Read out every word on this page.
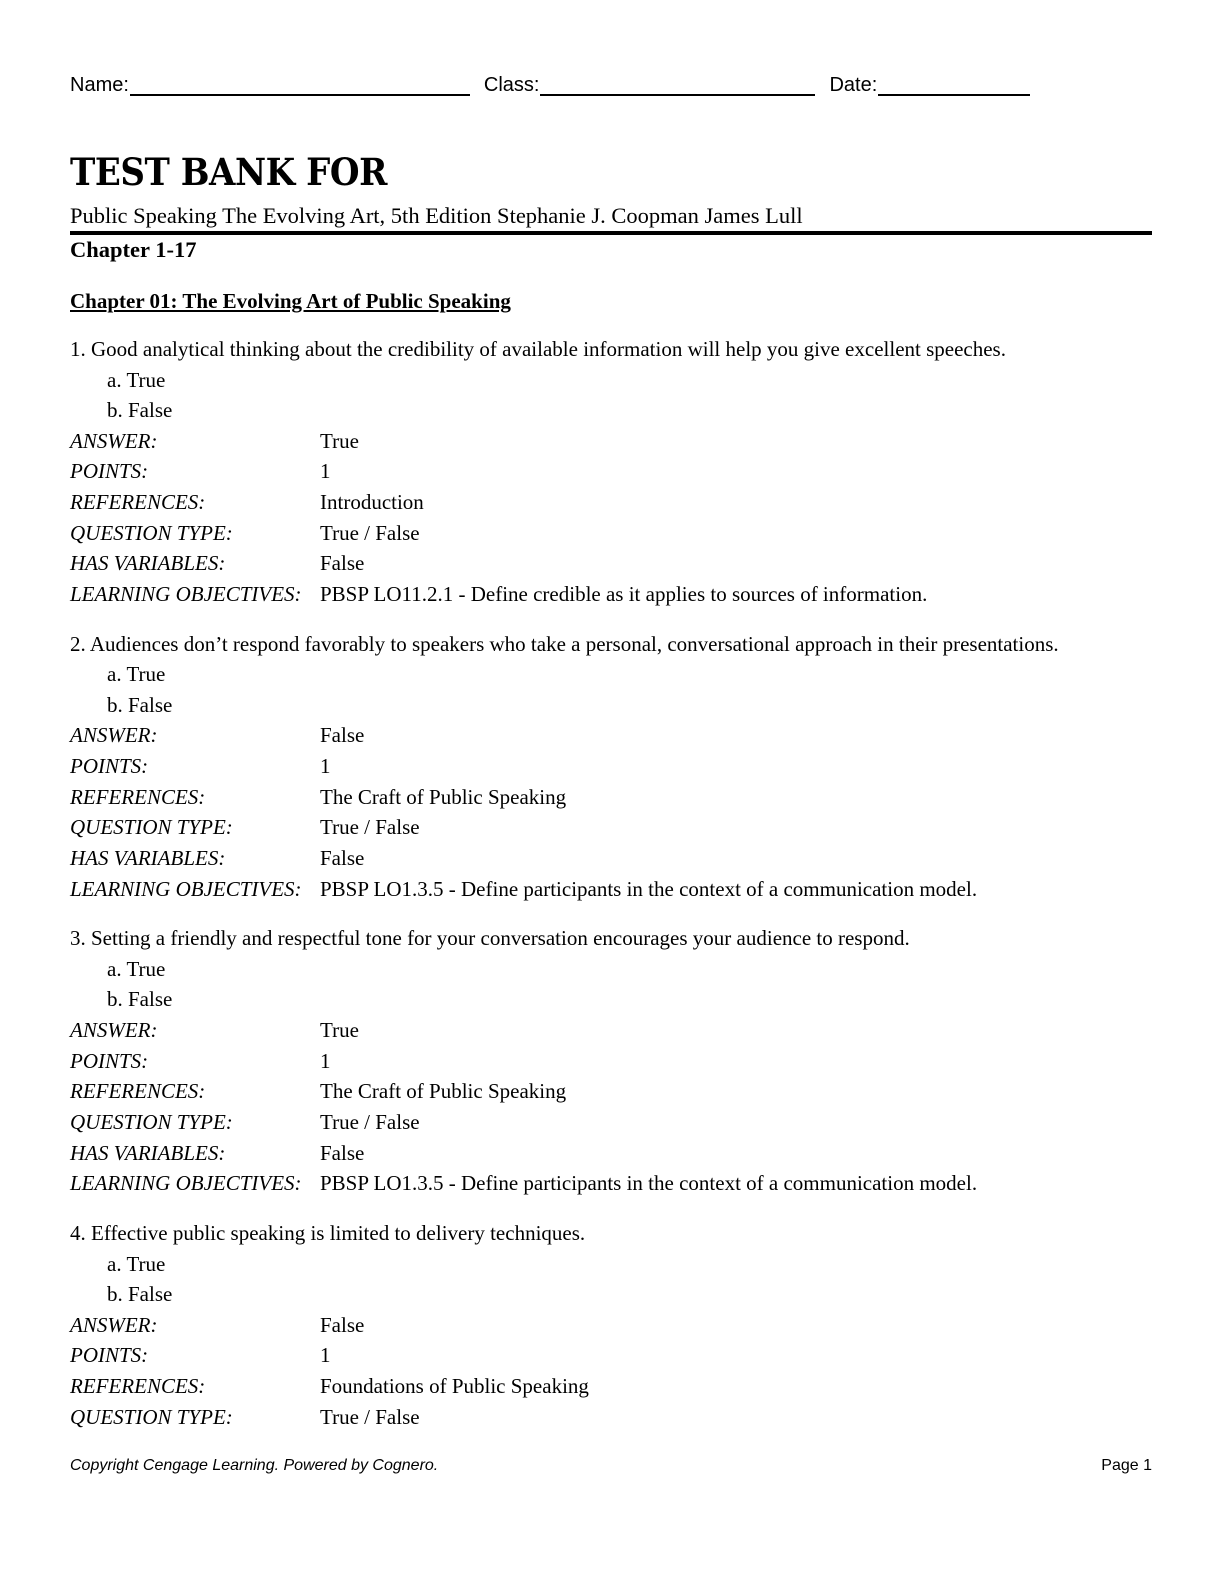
Name:	Class:	Date:
TEST BANK FOR
Public Speaking The Evolving Art, 5th Edition Stephanie J. Coopman James Lull
Chapter 1-17
Chapter 01: The Evolving Art of Public Speaking
1. Good analytical thinking about the credibility of available information will help you give excellent speeches.
a. True
b. False
ANSWER:	True
POINTS:	1
REFERENCES:	Introduction
QUESTION TYPE:	True / False
HAS VARIABLES:	False
LEARNING OBJECTIVES: PBSP LO11.2.1 - Define credible as it applies to sources of information.
2. Audiences don’t respond favorably to speakers who take a personal, conversational approach in their presentations.
a. True
b. False
ANSWER:	False
POINTS:	1
REFERENCES:	The Craft of Public Speaking
QUESTION TYPE:	True / False
HAS VARIABLES:	False
LEARNING OBJECTIVES: PBSP LO1.3.5 - Define participants in the context of a communication model.
3. Setting a friendly and respectful tone for your conversation encourages your audience to respond.
a. True
b. False
ANSWER:	True
POINTS:	1
REFERENCES:	The Craft of Public Speaking
QUESTION TYPE:	True / False
HAS VARIABLES:	False
LEARNING OBJECTIVES: PBSP LO1.3.5 - Define participants in the context of a communication model.
4. Effective public speaking is limited to delivery techniques.
a. True
b. False
ANSWER:	False
POINTS:	1
REFERENCES:	Foundations of Public Speaking
QUESTION TYPE:	True / False
Copyright Cengage Learning. Powered by Cognero.	Page 1
